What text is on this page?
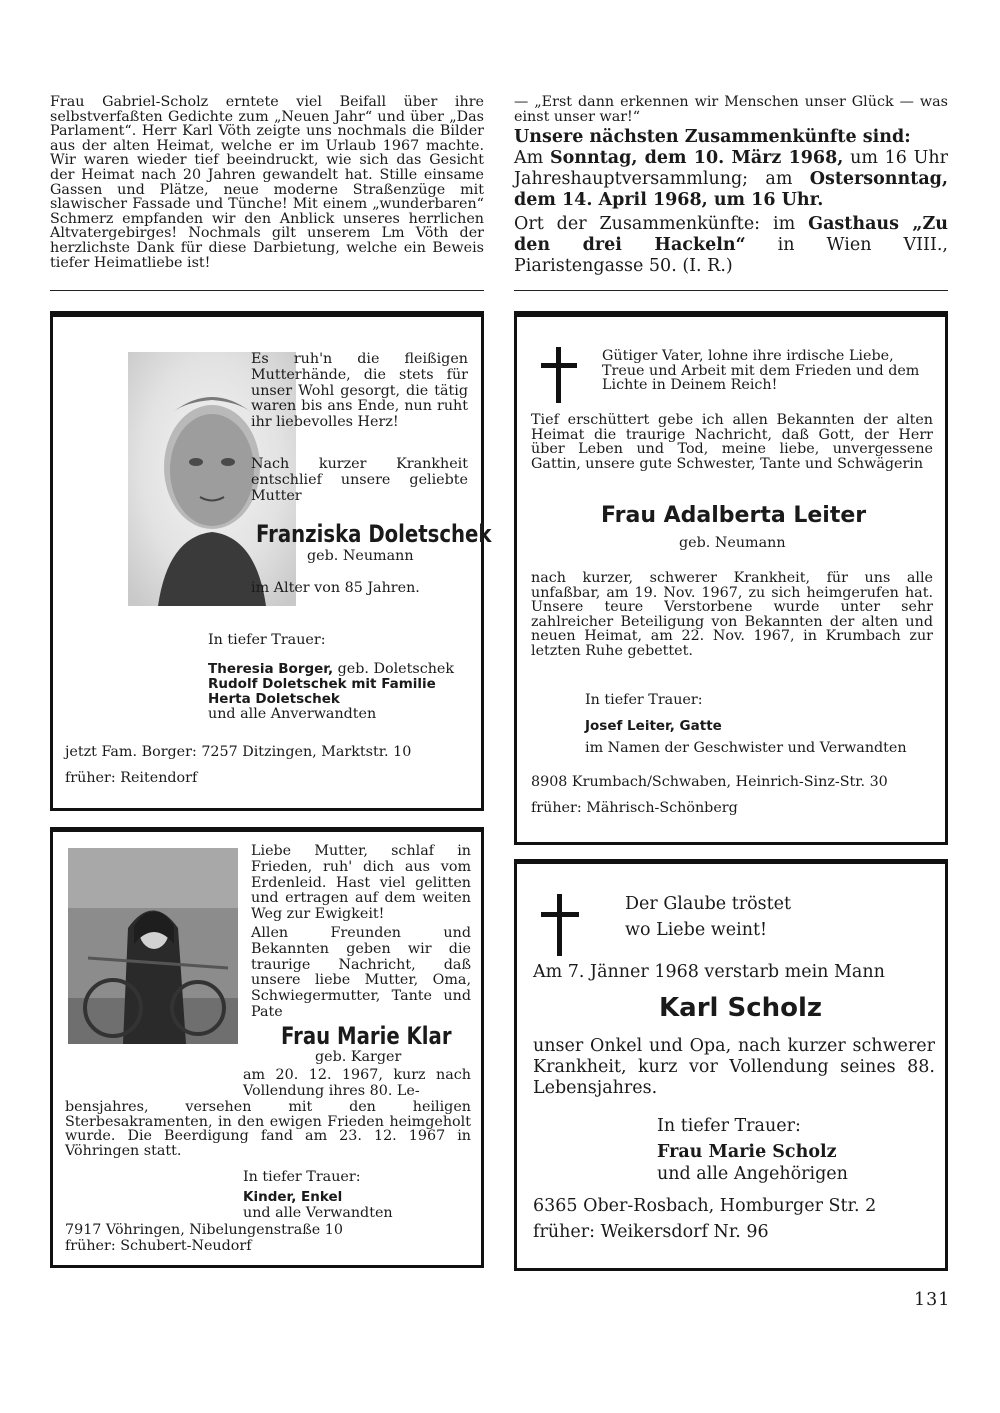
Frau Gabriel-Scholz erntete viel Beifall über ihre selbstverfaßten Gedichte zum „Neuen Jahr“ und über „Das Parlament“. Herr Karl Vöth zeigte uns nochmals die Bilder aus der alten Heimat, welche er im Urlaub 1967 machte. Wir waren wieder tief beeindruckt, wie sich das Gesicht der Heimat nach 20 Jahren gewandelt hat. Stille einsame Gassen und Plätze, neue moderne Straßenzüge mit slawischer Fassade und Tünche! Mit einem „wunderbaren“ Schmerz empfanden wir den Anblick unseres herrlichen Altvatergebirges! Nochmals gilt unserem Lm Vöth der herzlichste Dank für diese Darbietung, welche ein Beweis tiefer Heimatliebe ist!

— „Erst dann erkennen wir Menschen unser Glück — was einst unser war!“

Unsere nächsten Zusammenkünfte sind:

Am Sonntag, dem 10. März 1968, um 16 Uhr Jahreshauptversammlung; am Ostersonntag, dem 14. April 1968, um 16 Uhr.

Ort der Zusammenkünfte: im Gasthaus „Zu den drei Hackeln“ in Wien VIII., Piaristengasse 50. (I. R.)

Es ruh'n die fleißigen Mutterhände, die stets für unser Wohl gesorgt, die tätig waren bis ans Ende, nun ruht ihr liebevolles Herz!

Nach kurzer Krankheit entschlief unsere geliebte Mutter

Franziska Doletschek
geb. Neumann
im Alter von 85 Jahren.
In tiefer Trauer:
Theresia Borger, geb. Doletschek
Rudolf Doletschek mit Familie
Herta Doletschek
und alle Anverwandten
jetzt Fam. Borger: 7257 Ditzingen, Marktstr. 10
früher: Reitendorf

Gütiger Vater, lohne ihre irdische Liebe, Treue und Arbeit mit dem Frieden und dem Lichte in Deinem Reich!

Tief erschüttert gebe ich allen Bekannten der alten Heimat die traurige Nachricht, daß Gott, der Herr über Leben und Tod, meine liebe, unvergessene Gattin, unsere gute Schwester, Tante und Schwägerin

Frau Adalberta Leiter
geb. Neumann

nach kurzer, schwerer Krankheit, für uns alle unfaßbar, am 19. Nov. 1967, zu sich heimgerufen hat. Unsere teure Verstorbene wurde unter sehr zahlreicher Beteiligung von Bekannten der alten und neuen Heimat, am 22. Nov. 1967, in Krumbach zur letzten Ruhe gebettet.

In tiefer Trauer:
Josef Leiter, Gatte
im Namen der Geschwister und Verwandten
8908 Krumbach/Schwaben, Heinrich-Sinz-Str. 30
früher: Mährisch-Schönberg

Liebe Mutter, schlaf in Frieden, ruh' dich aus vom Erdenleid. Hast viel gelitten und ertragen auf dem weiten Weg zur Ewigkeit!

Allen Freunden und Bekannten geben wir die traurige Nachricht, daß unsere liebe Mutter, Oma, Schwiegermutter, Tante und Pate

Frau Marie Klar
geb. Karger
am 20. 12. 1967, kurz nach Vollendung ihres 80. Le-

bensjahres, versehen mit den heiligen Sterbesakramenten, in den ewigen Frieden heimgeholt wurde. Die Beerdigung fand am 23. 12. 1967 in Vöhringen statt.

In tiefer Trauer:
Kinder, Enkel
und alle Verwandten
7917 Vöhringen, Nibelungenstraße 10
früher: Schubert-Neudorf
Der Glaube tröstet
wo Liebe weint!
Am 7. Jänner 1968 verstarb mein Mann
Karl Scholz

unser Onkel und Opa, nach kurzer schwerer Krankheit, kurz vor Vollendung seines 88. Lebensjahres.

In tiefer Trauer:
Frau Marie Scholz
und alle Angehörigen
6365 Ober-Rosbach, Homburger Str. 2
früher: Weikersdorf Nr. 96
131
